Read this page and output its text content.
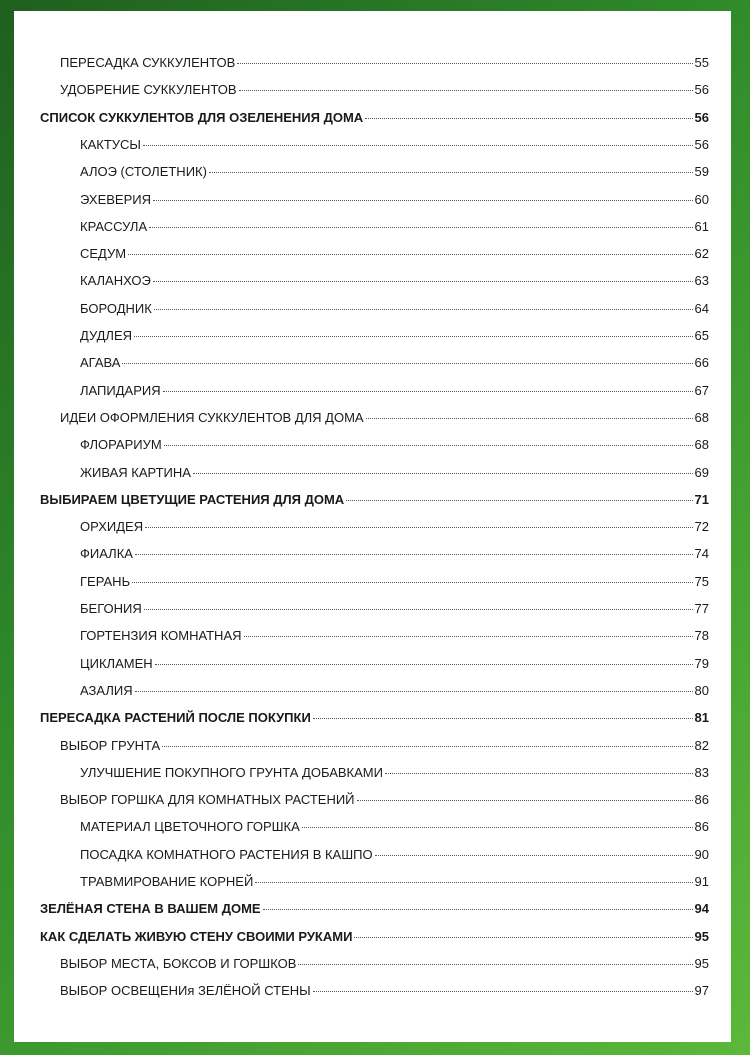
ПЕРЕСАДКА СУККУЛЕНТОВ	55
УДОБРЕНИЕ СУККУЛЕНТОВ	56
СПИСОК СУККУЛЕНТОВ ДЛЯ ОЗЕЛЕНЕНИЯ ДОМА	56
КАКТУСЫ	56
АЛОЭ (СТОЛЕТНИК)	59
ЭХЕВЕРИЯ	60
КРАССУЛА	61
СЕДУМ	62
КАЛАНХОЭ	63
БОРОДНИК	64
ДУДЛЕЯ	65
АГАВА	66
ЛАПИДАРИЯ	67
ИДЕИ ОФОРМЛЕНИЯ СУККУЛЕНТОВ ДЛЯ ДОМА	68
ФЛОРАРИУМ	68
ЖИВАЯ КАРТИНА	69
ВЫБИРАЕМ ЦВЕТУЩИЕ РАСТЕНИЯ ДЛЯ ДОМА	71
ОРХИДЕЯ	72
ФИАЛКА	74
ГЕРАНЬ	75
БЕГОНИЯ	77
ГОРТЕНЗИЯ КОМНАТНАЯ	78
ЦИКЛАМЕН	79
АЗАЛИЯ	80
ПЕРЕСАДКА РАСТЕНИЙ ПОСЛЕ ПОКУПКИ	81
ВЫБОР ГРУНТА	82
УЛУЧШЕНИЕ ПОКУПНОГО ГРУНТА ДОБАВКАМИ	83
ВЫБОР ГОРШКА ДЛЯ КОМНАТНЫХ РАСТЕНИЙ	86
МАТЕРИАЛ ЦВЕТОЧНОГО ГОРШКА	86
ПОСАДКА КОМНАТНОГО РАСТЕНИЯ В КАШПО	90
ТРАВМИРОВАНИЕ КОРНЕЙ	91
ЗЕЛЁНАЯ СТЕНА В ВАШЕМ ДОМЕ	94
КАК СДЕЛАТЬ ЖИВУЮ СТЕНУ СВОИМИ РУКАМИ	95
ВЫБОР МЕСТА, БОКСОВ И ГОРШКОВ	95
ВЫБОР ОСВЕЩЕНИя ЗЕЛЁНОЙ СТЕНЫ	97
